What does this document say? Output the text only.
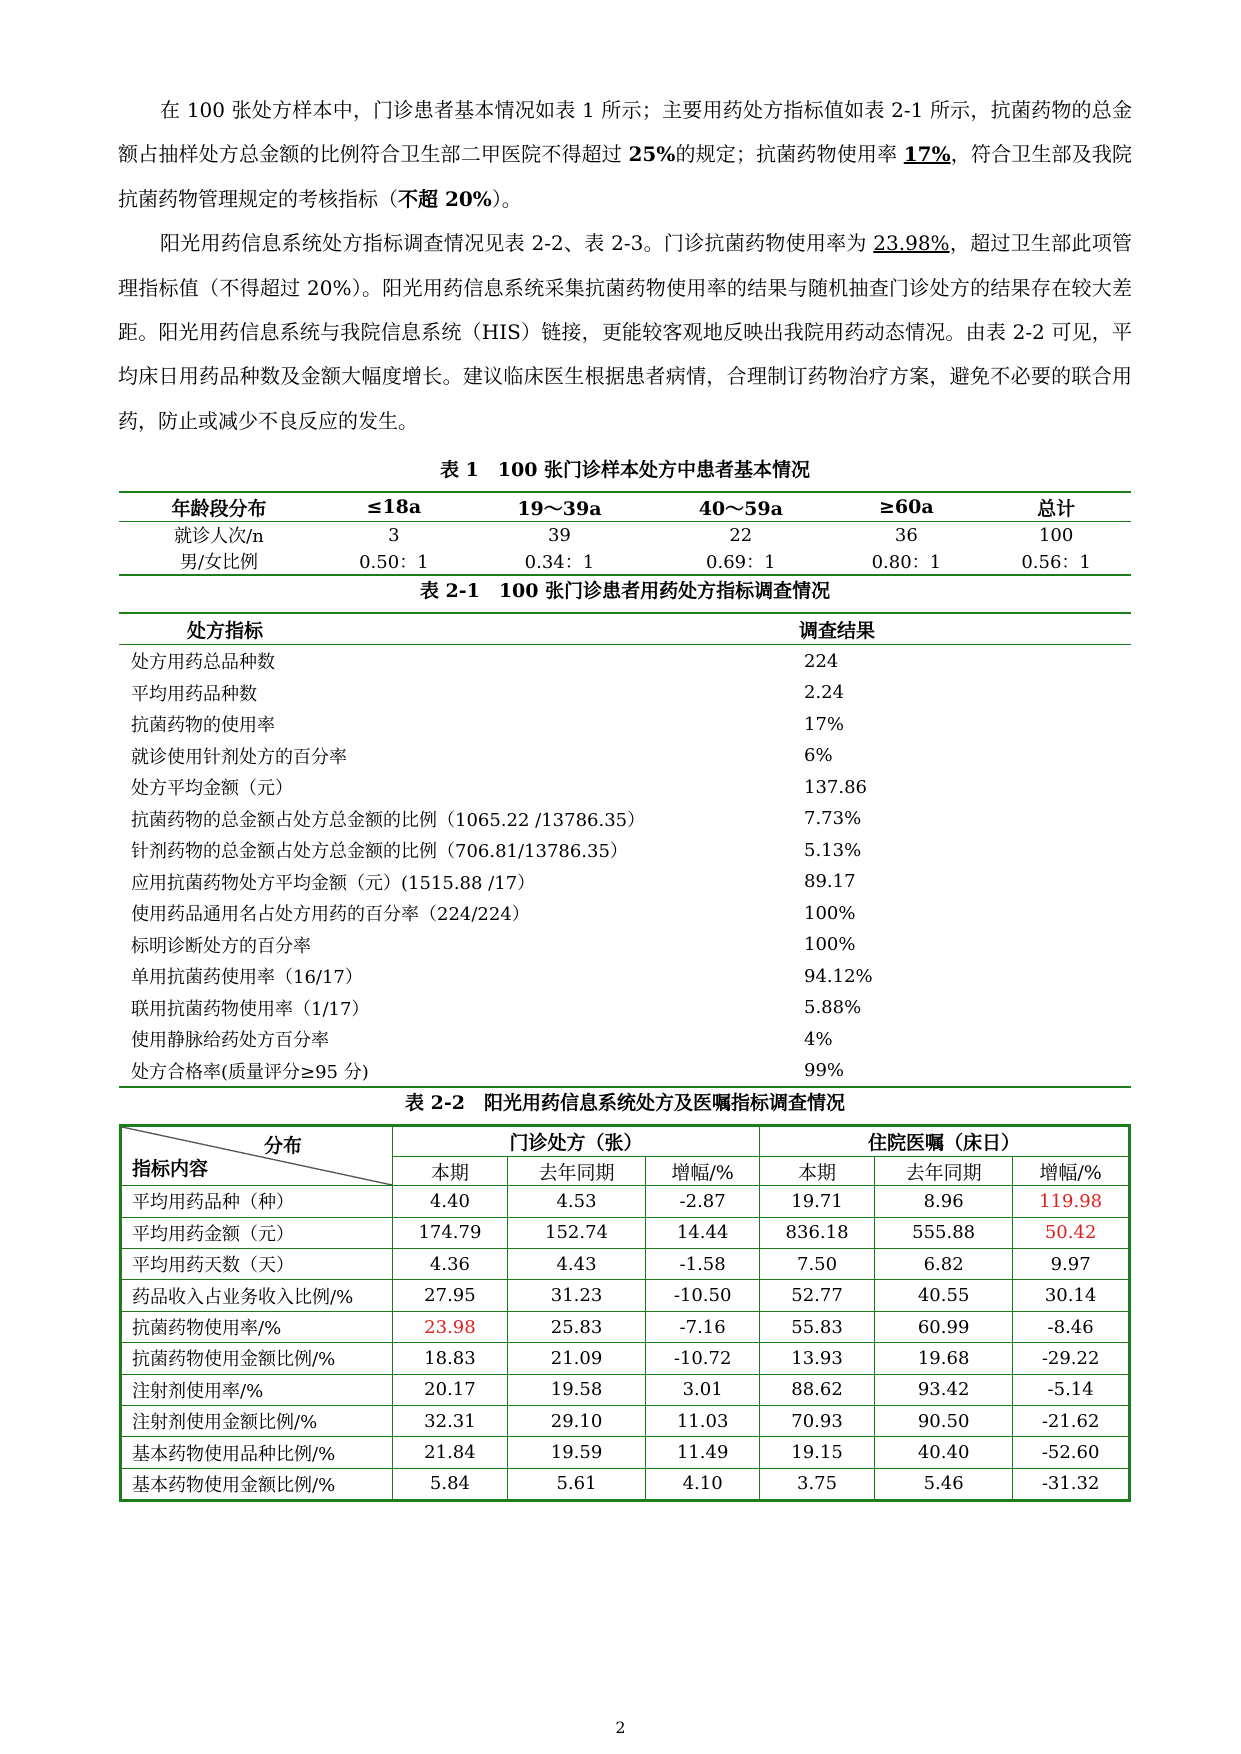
在 100 张处方样本中，门诊患者基本情况如表 1 所示；主要用药处方指标值如表 2-1 所示，抗菌药物的总金额占抽样处方总金额的比例符合卫生部二甲医院不得超过 25%的规定；抗菌药物使用率 17%，符合卫生部及我院抗菌药物管理规定的考核指标（不超 20%）。

阳光用药信息系统处方指标调查情况见表 2-2、表 2-3。门诊抗菌药物使用率为 23.98%，超过卫生部此项管理指标值（不得超过 20%）。阳光用药信息系统采集抗菌药物使用率的结果与随机抽查门诊处方的结果存在较大差距。阳光用药信息系统与我院信息系统（HIS）链接，更能较客观地反映出我院用药动态情况。由表 2-2 可见，平均床日用药品种数及金额大幅度增长。建议临床医生根据患者病情，合理制订药物治疗方案，避免不必要的联合用药，防止或减少不良反应的发生。

表 1　100 张门诊样本处方中患者基本情况
年龄段分布	≤18a	19～39a	40～59a	≥60a	总计
就诊人次/n	3	39	22	36	100
男/女比例	0.50：1	0.34：1	0.69：1	0.80：1	0.56：1
表 2-1　100 张门诊患者用药处方指标调查情况
处方指标	调查结果
处方用药总品种数	224
平均用药品种数	2.24
抗菌药物的使用率	17%
就诊使用针剂处方的百分率	6%
处方平均金额（元）	137.86
抗菌药物的总金额占处方总金额的比例（1065.22 /13786.35）	7.73%
针剂药物的总金额占处方总金额的比例（706.81/13786.35）	5.13%
应用抗菌药物处方平均金额（元）(1515.88 /17）	89.17
使用药品通用名占处方用药的百分率（224/224）	100%
标明诊断处方的百分率	100%
单用抗菌药使用率（16/17）	94.12%
联用抗菌药物使用率（1/17）	5.88%
使用静脉给药处方百分率	4%
处方合格率(质量评分≥95 分)	99%
表 2-2　阳光用药信息系统处方及医嘱指标调查情况
分布
指标内容	门诊处方（张）			住院医嘱（床日）		
	本期	去年同期	增幅/%	本期	去年同期	增幅/%
平均用药品种（种）	4.40	4.53	-2.87	19.71	8.96	119.98
平均用药金额（元）	174.79	152.74	14.44	836.18	555.88	50.42
平均用药天数（天）	4.36	4.43	-1.58	7.50	6.82	9.97
药品收入占业务收入比例/%	27.95	31.23	-10.50	52.77	40.55	30.14
抗菌药物使用率/%	23.98	25.83	-7.16	55.83	60.99	-8.46
抗菌药物使用金额比例/%	18.83	21.09	-10.72	13.93	19.68	-29.22
注射剂使用率/%	20.17	19.58	3.01	88.62	93.42	-5.14
注射剂使用金额比例/%	32.31	29.10	11.03	70.93	90.50	-21.62
基本药物使用品种比例/%	21.84	19.59	11.49	19.15	40.40	-52.60
基本药物使用金额比例/%	5.84	5.61	4.10	3.75	5.46	-31.32
2
